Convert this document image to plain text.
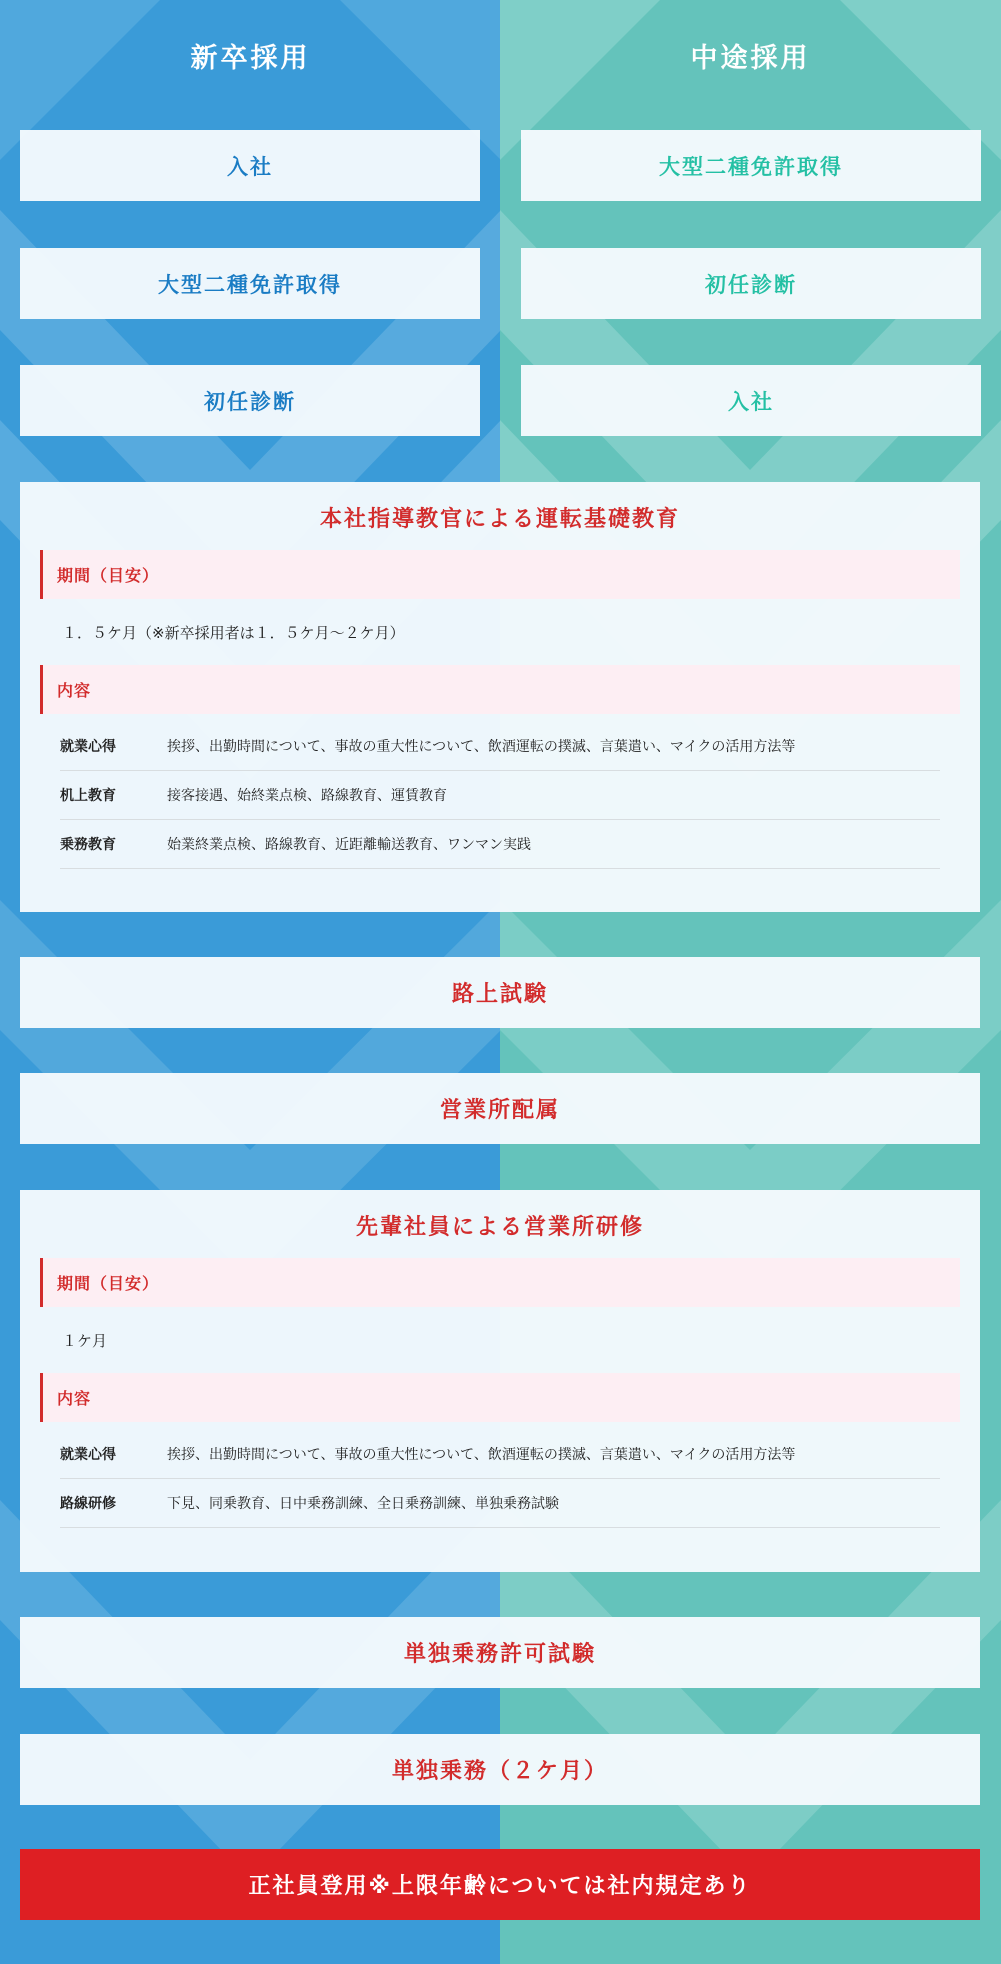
新卒採用	中途採用
入社
大型二種免許取得
初任診断
大型二種免許取得
初任診断
入社
本社指導教官による運転基礎教育
期間（目安）
１．５ケ月（※新卒採用者は１．５ケ月～２ケ月）
内容
就業心得	挨拶、出勤時間について、事故の重大性について、飲酒運転の撲滅、言葉遣い、マイクの活用方法等
机上教育	接客接遇、始終業点検、路線教育、運賃教育
乗務教育	始業終業点検、路線教育、近距離輸送教育、ワンマン実践
路上試験
営業所配属
先輩社員による営業所研修
期間（目安）
１ケ月
内容
就業心得	挨拶、出勤時間について、事故の重大性について、飲酒運転の撲滅、言葉遣い、マイクの活用方法等
路線研修	下見、同乗教育、日中乗務訓練、全日乗務訓練、単独乗務試験
単独乗務許可試験
単独乗務（２ケ月）
正社員登用※上限年齢については社内規定あり
